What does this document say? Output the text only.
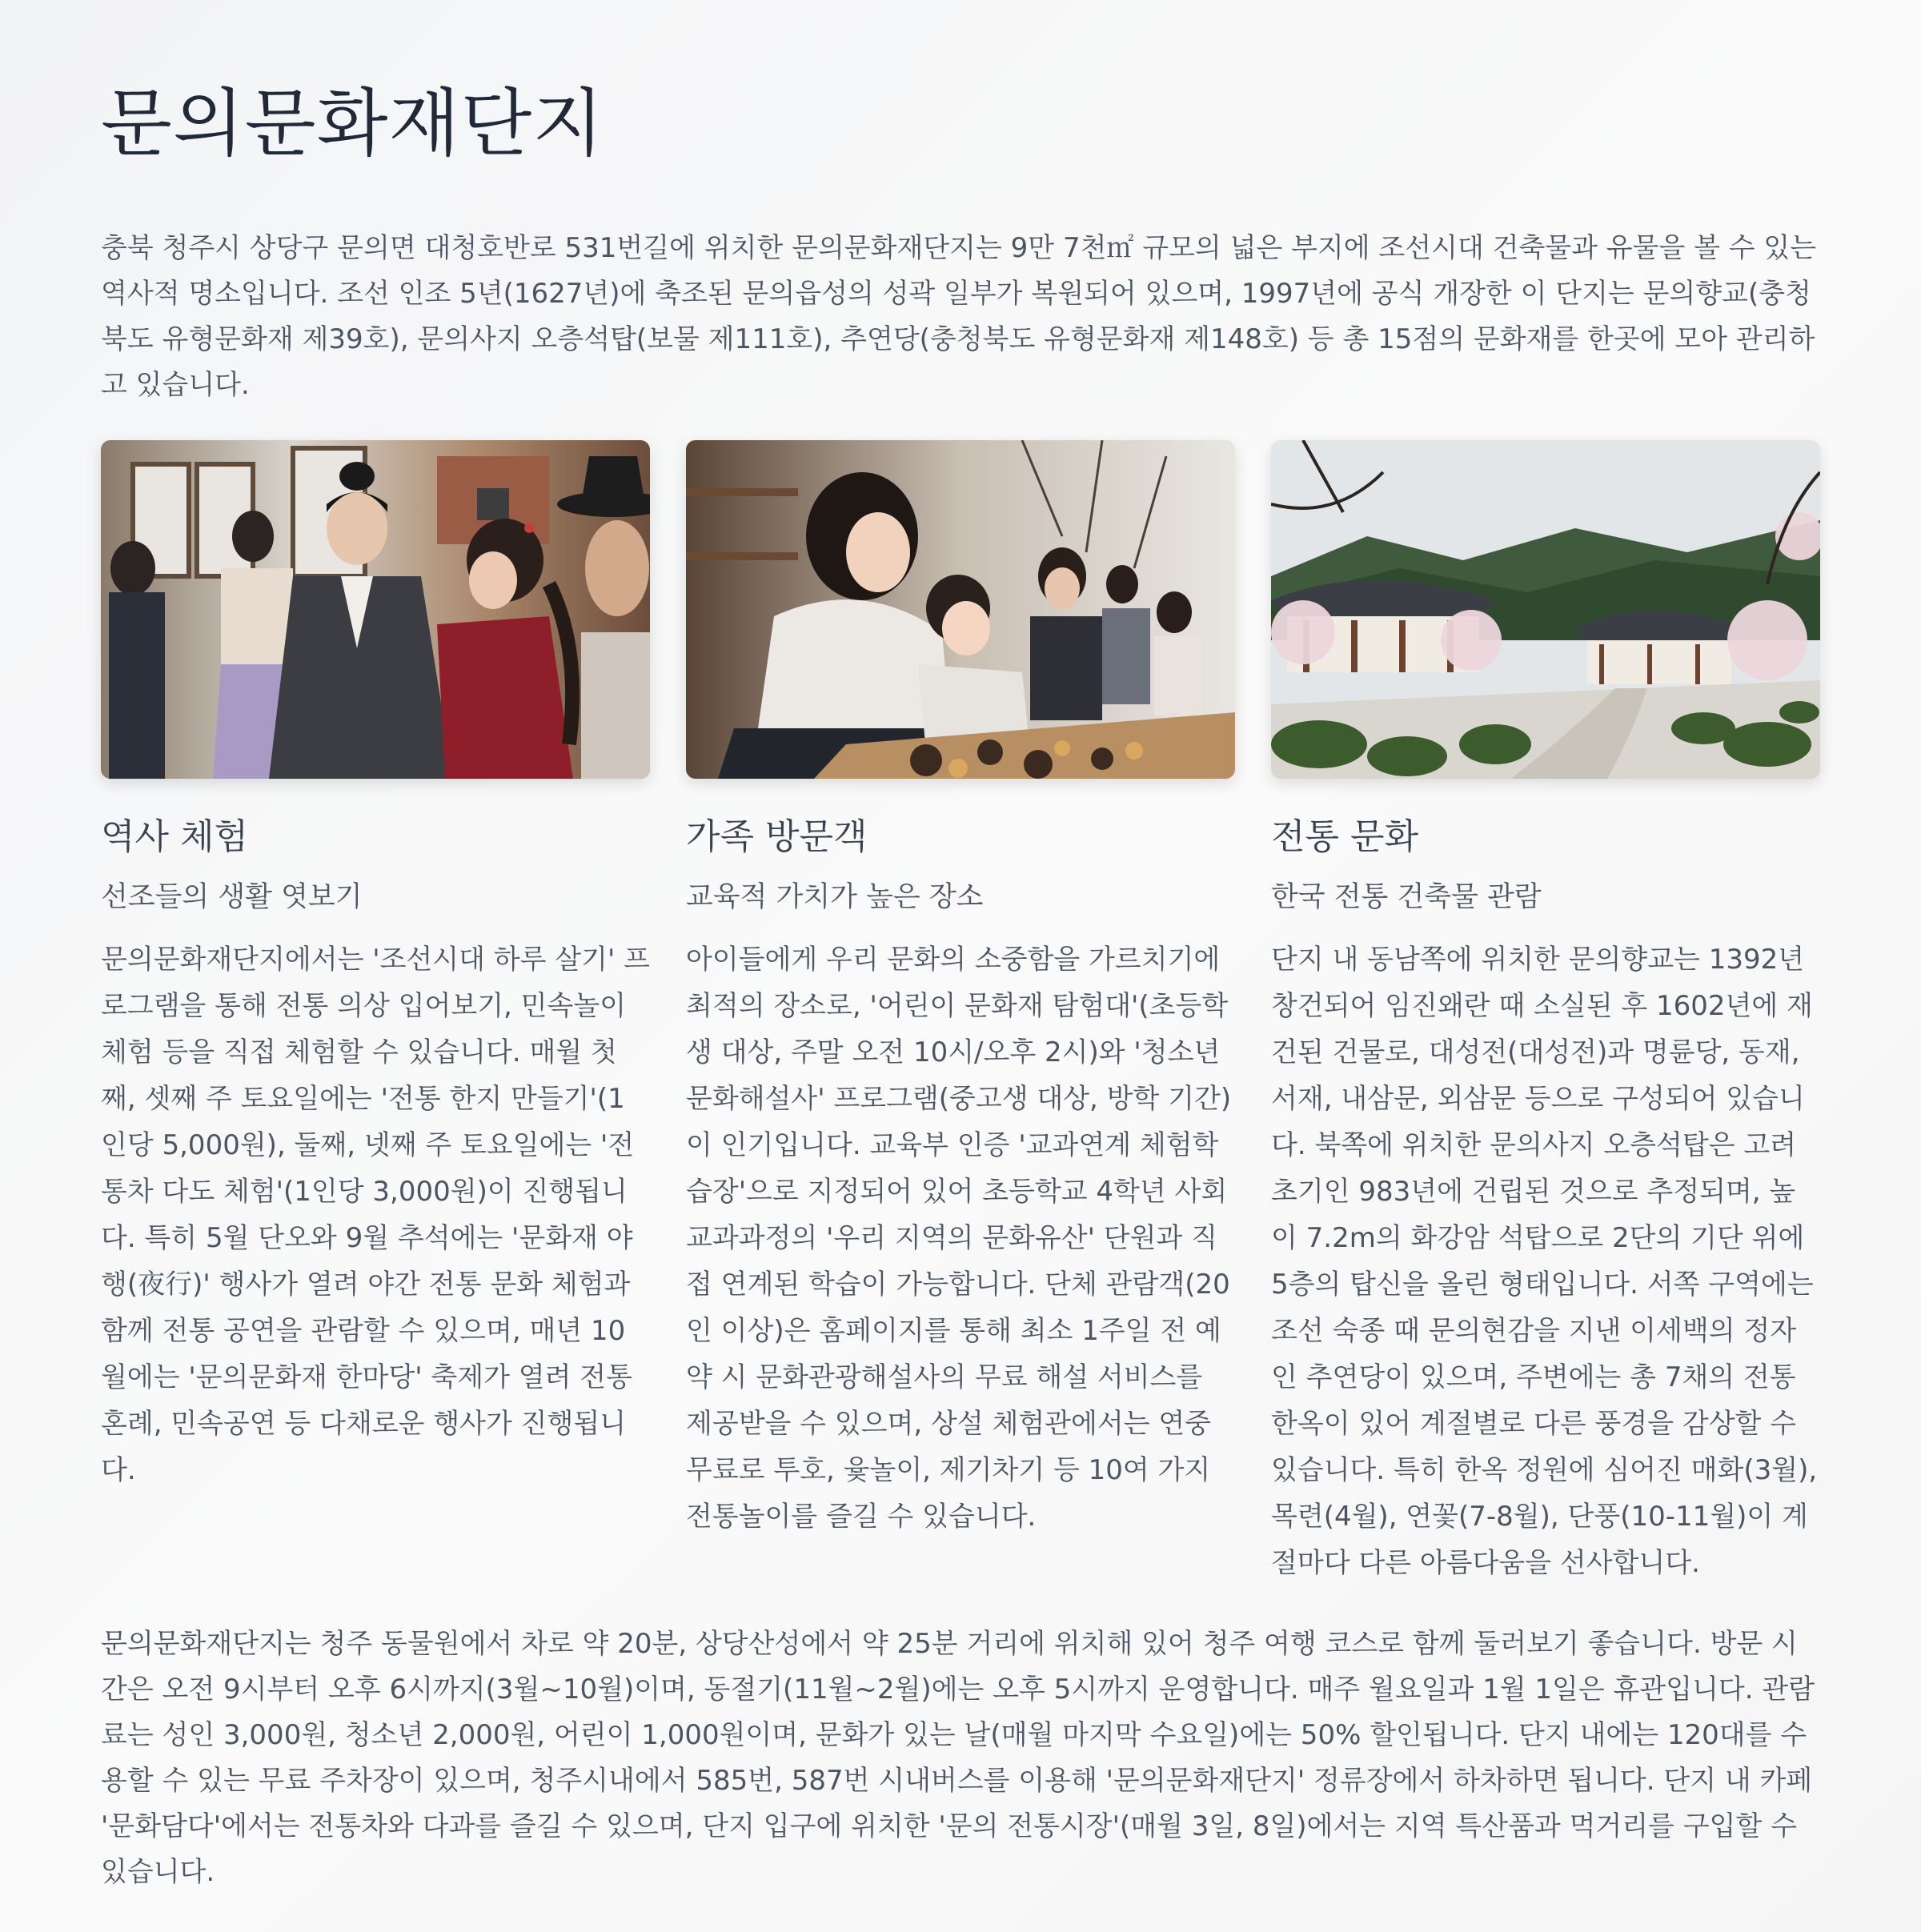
문의문화재단지

충북 청주시 상당구 문의면 대청호반로 531번길에 위치한 문의문화재단지는 9만 7천㎡ 규모의 넓은 부지에 조선시대 건축물과 유물을 볼 수 있는 역사적 명소입니다. 조선 인조 5년(1627년)에 축조된 문의읍성의 성곽 일부가 복원되어 있으며, 1997년에 공식 개장한 이 단지는 문의향교(충청북도 유형문화재 제39호), 문의사지 오층석탑(보물 제111호), 추연당(충청북도 유형문화재 제148호) 등 총 15점의 문화재를 한곳에 모아 관리하고 있습니다.

역사 체험

선조들의 생활 엿보기

문의문화재단지에서는 '조선시대 하루 살기' 프로그램을 통해 전통 의상 입어보기, 민속놀이 체험 등을 직접 체험할 수 있습니다. 매월 첫째, 셋째 주 토요일에는 '전통 한지 만들기'(1인당 5,000원), 둘째, 넷째 주 토요일에는 '전통차 다도 체험'(1인당 3,000원)이 진행됩니다. 특히 5월 단오와 9월 추석에는 '문화재 야행(夜行)' 행사가 열려 야간 전통 문화 체험과 함께 전통 공연을 관람할 수 있으며, 매년 10월에는 '문의문화재 한마당' 축제가 열려 전통혼례, 민속공연 등 다채로운 행사가 진행됩니다.

가족 방문객

교육적 가치가 높은 장소

아이들에게 우리 문화의 소중함을 가르치기에 최적의 장소로, '어린이 문화재 탐험대'(초등학생 대상, 주말 오전 10시/오후 2시)와 '청소년 문화해설사' 프로그램(중고생 대상, 방학 기간)이 인기입니다. 교육부 인증 '교과연계 체험학습장'으로 지정되어 있어 초등학교 4학년 사회 교과과정의 '우리 지역의 문화유산' 단원과 직접 연계된 학습이 가능합니다. 단체 관람객(20인 이상)은 홈페이지를 통해 최소 1주일 전 예약 시 문화관광해설사의 무료 해설 서비스를 제공받을 수 있으며, 상설 체험관에서는 연중 무료로 투호, 윷놀이, 제기차기 등 10여 가지 전통놀이를 즐길 수 있습니다.

전통 문화

한국 전통 건축물 관람

단지 내 동남쪽에 위치한 문의향교는 1392년 창건되어 임진왜란 때 소실된 후 1602년에 재건된 건물로, 대성전(대성전)과 명륜당, 동재, 서재, 내삼문, 외삼문 등으로 구성되어 있습니다. 북쪽에 위치한 문의사지 오층석탑은 고려 초기인 983년에 건립된 것으로 추정되며, 높이 7.2m의 화강암 석탑으로 2단의 기단 위에 5층의 탑신을 올린 형태입니다. 서쪽 구역에는 조선 숙종 때 문의현감을 지낸 이세백의 정자인 추연당이 있으며, 주변에는 총 7채의 전통 한옥이 있어 계절별로 다른 풍경을 감상할 수 있습니다. 특히 한옥 정원에 심어진 매화(3월), 목련(4월), 연꽃(7-8월), 단풍(10-11월)이 계절마다 다른 아름다움을 선사합니다.

문의문화재단지는 청주 동물원에서 차로 약 20분, 상당산성에서 약 25분 거리에 위치해 있어 청주 여행 코스로 함께 둘러보기 좋습니다. 방문 시간은 오전 9시부터 오후 6시까지(3월~10월)이며, 동절기(11월~2월)에는 오후 5시까지 운영합니다. 매주 월요일과 1월 1일은 휴관입니다. 관람료는 성인 3,000원, 청소년 2,000원, 어린이 1,000원이며, 문화가 있는 날(매월 마지막 수요일)에는 50% 할인됩니다. 단지 내에는 120대를 수용할 수 있는 무료 주차장이 있으며, 청주시내에서 585번, 587번 시내버스를 이용해 '문의문화재단지' 정류장에서 하차하면 됩니다. 단지 내 카페 '문화담다'에서는 전통차와 다과를 즐길 수 있으며, 단지 입구에 위치한 '문의 전통시장'(매월 3일, 8일)에서는 지역 특산품과 먹거리를 구입할 수 있습니다.
